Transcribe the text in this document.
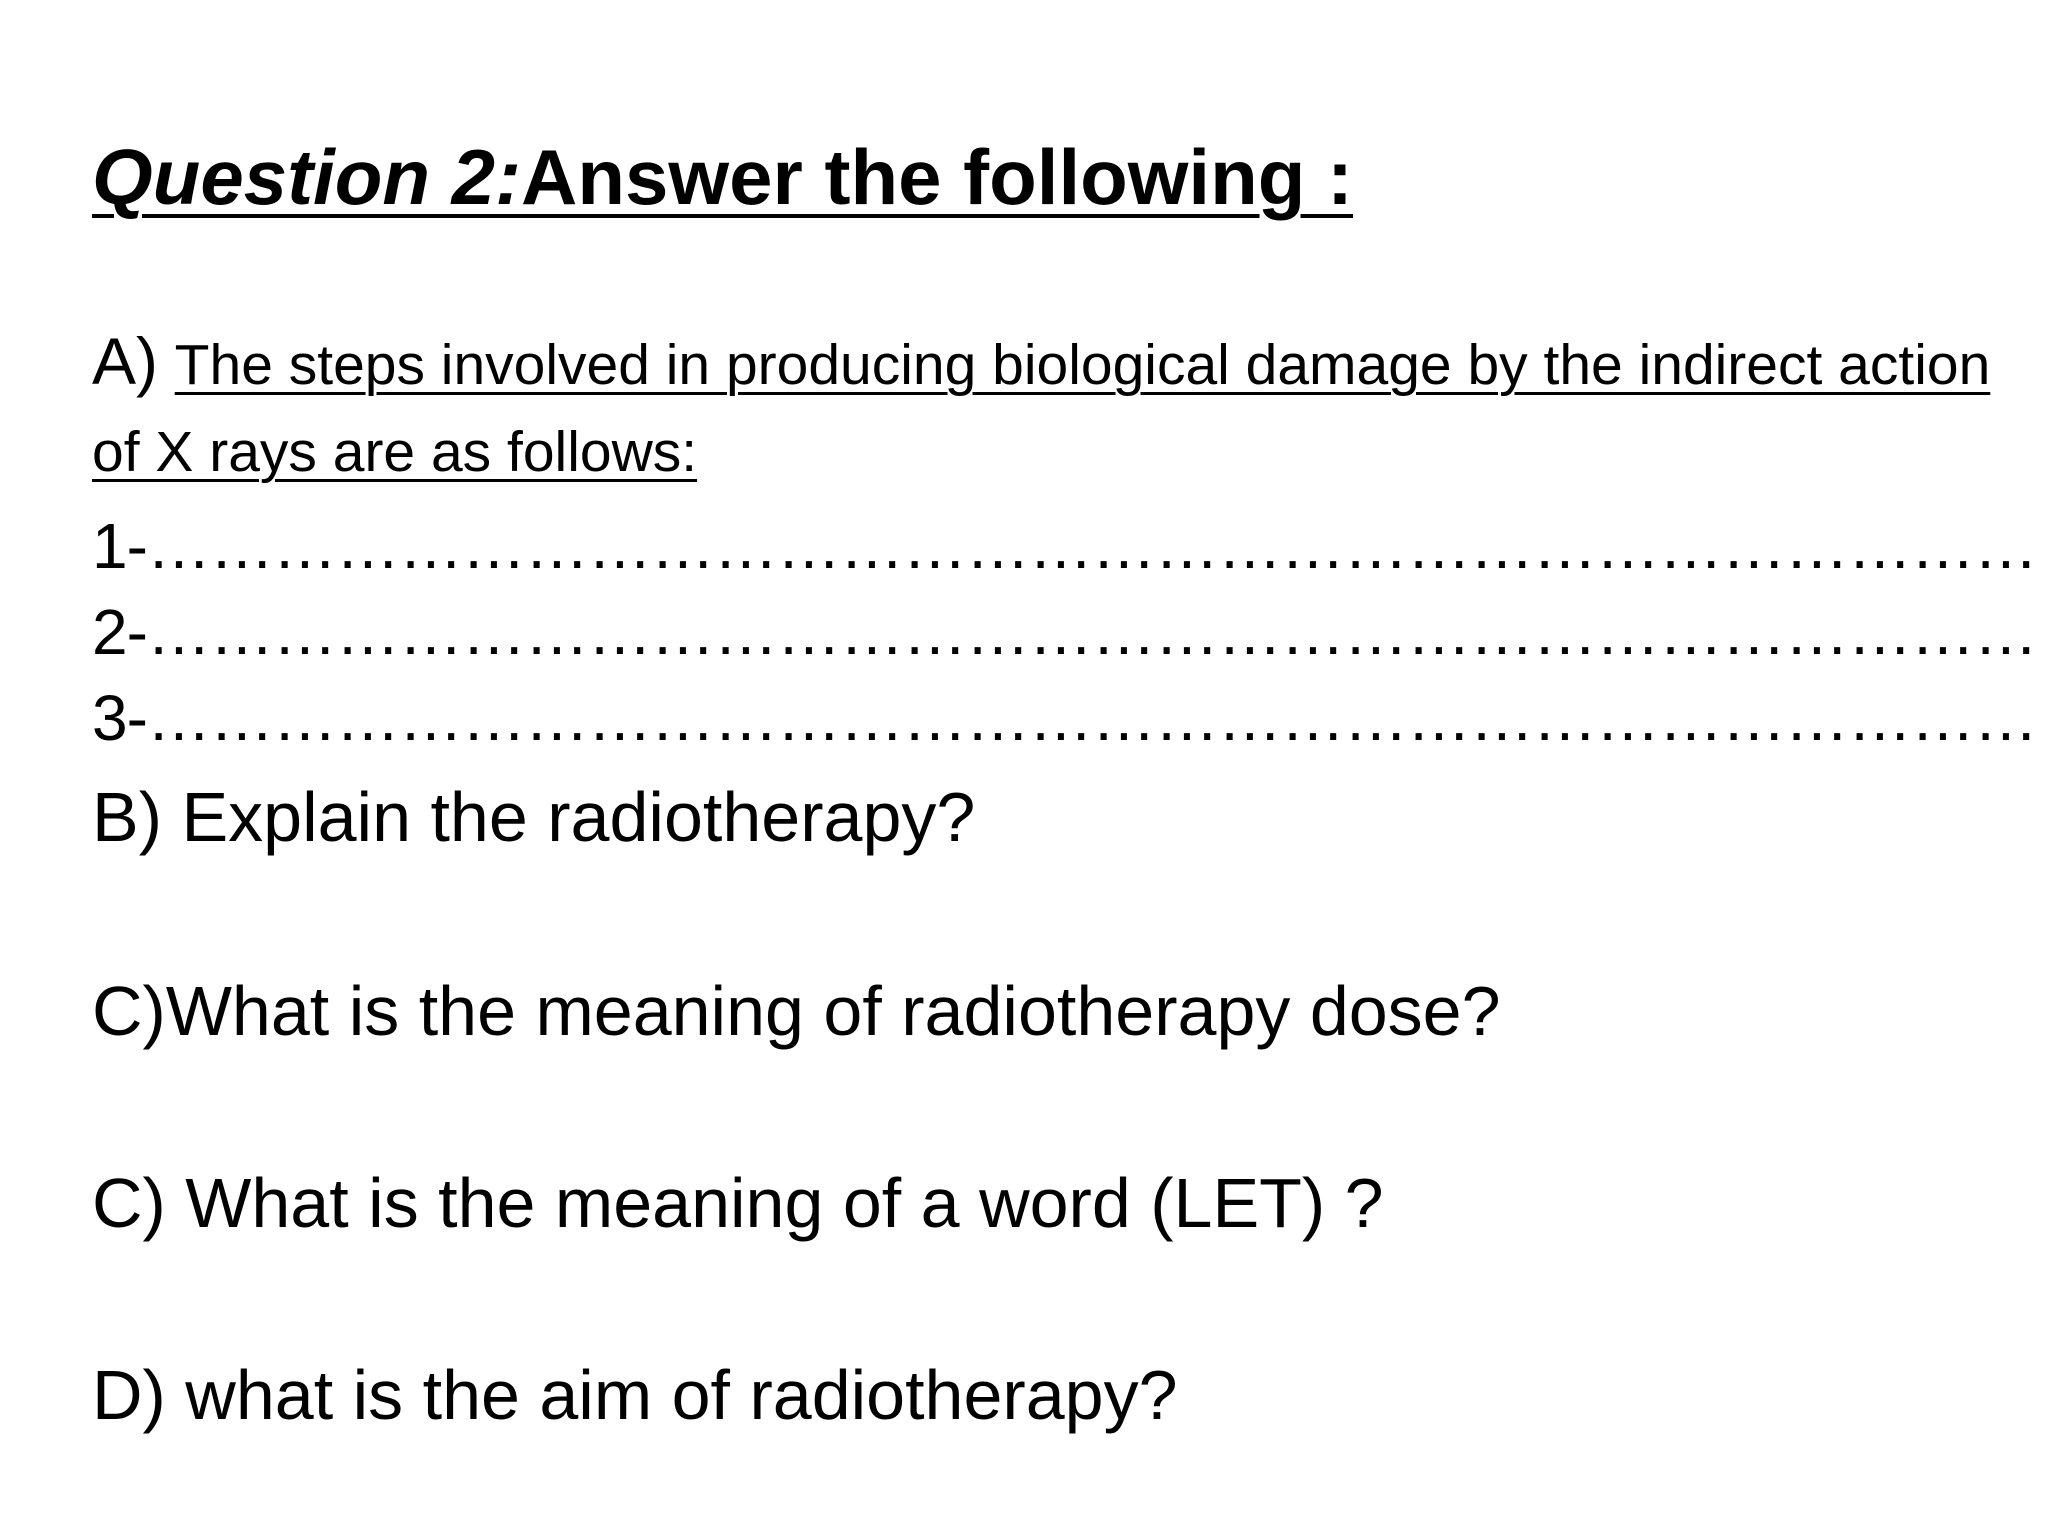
Question 2:Answer the following :
A) The steps involved in producing biological damage by the indirect action of X rays are as follows:
1-………………………………………………………………………………
2-………………………………………………………………………………
3-………………………………………………………………………………
B) Explain the radiotherapy?
C)What is the meaning of radiotherapy dose?
C) What is the meaning of a word (LET) ?
D) what is the aim of radiotherapy?
